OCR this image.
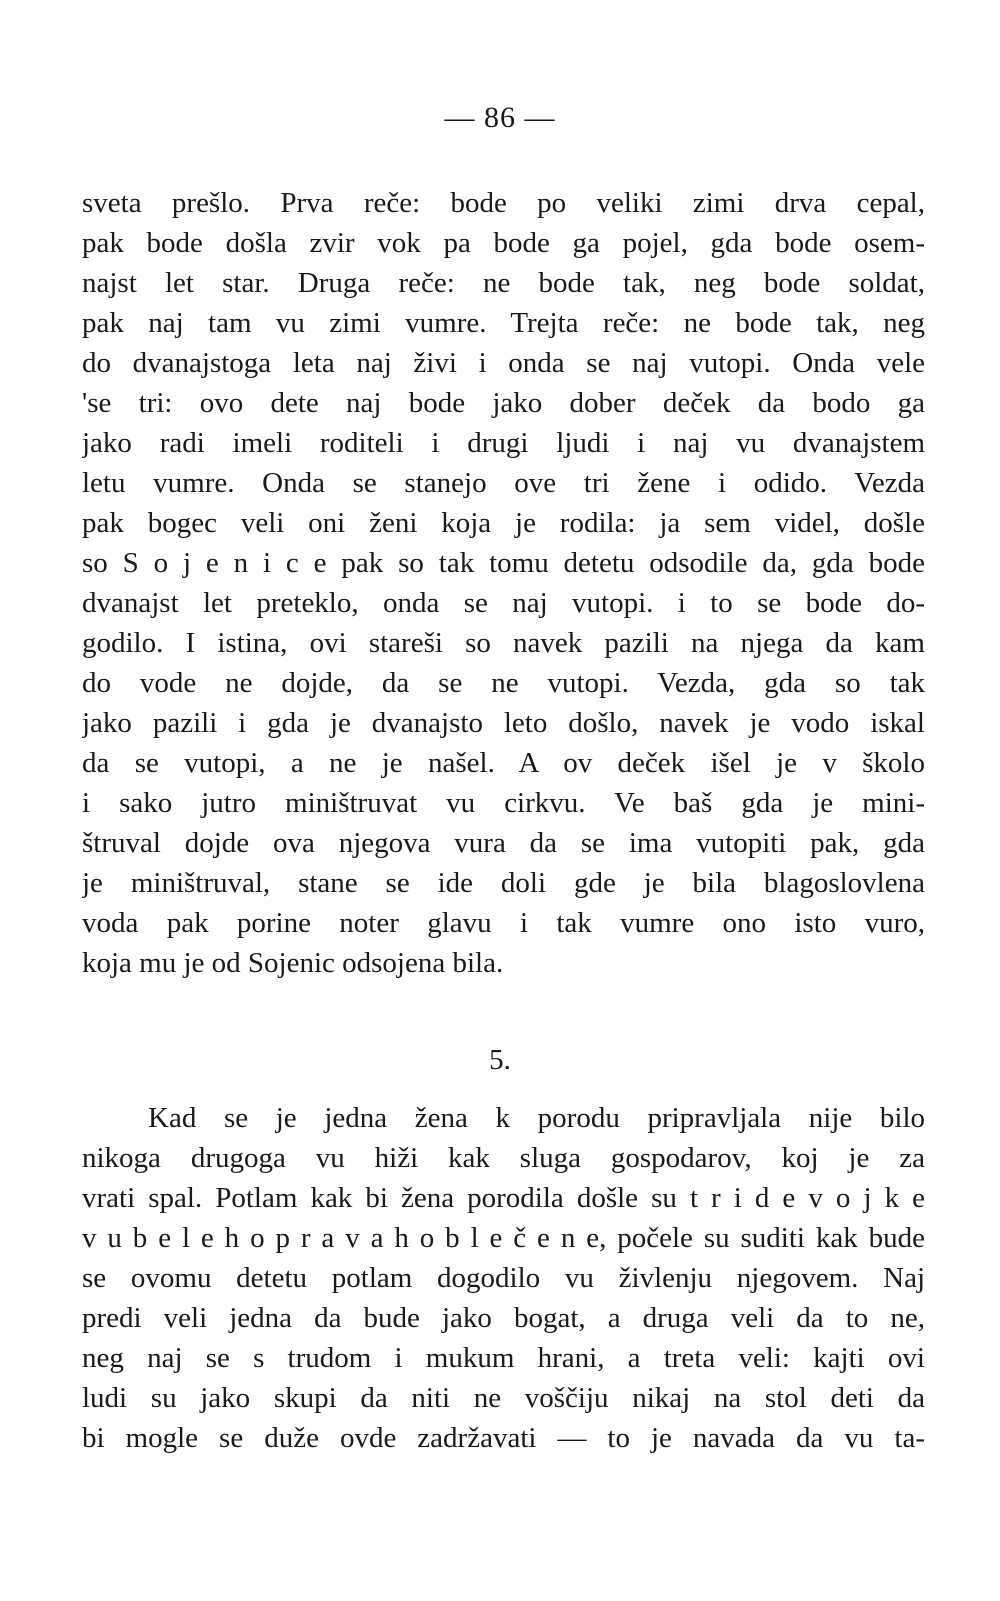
— 86 —
sveta prešlo. Prva reče: bode po veliki zimi drva cepal,
pak bode došla zvir vok pa bode ga pojel, gda bode osem-
najst let star. Druga reče: ne bode tak, neg bode soldat,
pak naj tam vu zimi vumre. Trejta reče: ne bode tak, neg
do dvanajstoga leta naj živi i onda se naj vutopi. Onda vele
'se tri: ovo dete naj bode jako dober deček da bodo ga
jako radi imeli roditeli i drugi ljudi i naj vu dvanajstem
letu vumre. Onda se stanejo ove tri žene i odido. Vezda
pak bogec veli oni ženi koja je rodila: ja sem videl, došle
so S o j e n i c e pak so tak tomu detetu odsodile da, gda bode
dvanajst let preteklo, onda se naj vutopi. i to se bode do-
godilo. I istina, ovi stareši so navek pazili na njega da kam
do vode ne dojde, da se ne vutopi. Vezda, gda so tak
jako pazili i gda je dvanajsto leto došlo, navek je vodo iskal
da se vutopi, a ne je našel. A ov deček išel je v školo
i sako jutro miništruvat vu cirkvu. Ve baš gda je mini-
štruval dojde ova njegova vura da se ima vutopiti pak, gda
je miništruval, stane se ide doli gde je bila blagoslovlena
voda pak porine noter glavu i tak vumre ono isto vuro,
koja mu je od Sojenic odsojena bila.
5.
Kad se je jedna žena k porodu pripravljala nije bilo
nikoga drugoga vu hiži kak sluga gospodarov, koj je za
vrati spal. Potlam kak bi žena porodila došle su t r i d e v o j k e
v u b e l e h o p r a v a h o b l e č e n e, počele su suditi kak bude
se ovomu detetu potlam dogodilo vu živlenju njegovem. Naj
predi veli jedna da bude jako bogat, a druga veli da to ne,
neg naj se s trudom i mukum hrani, a treta veli: kajti ovi
ludi su jako skupi da niti ne voščiju nikaj na stol deti da
bi mogle se duže ovde zadržavati — to je navada da vu ta-
